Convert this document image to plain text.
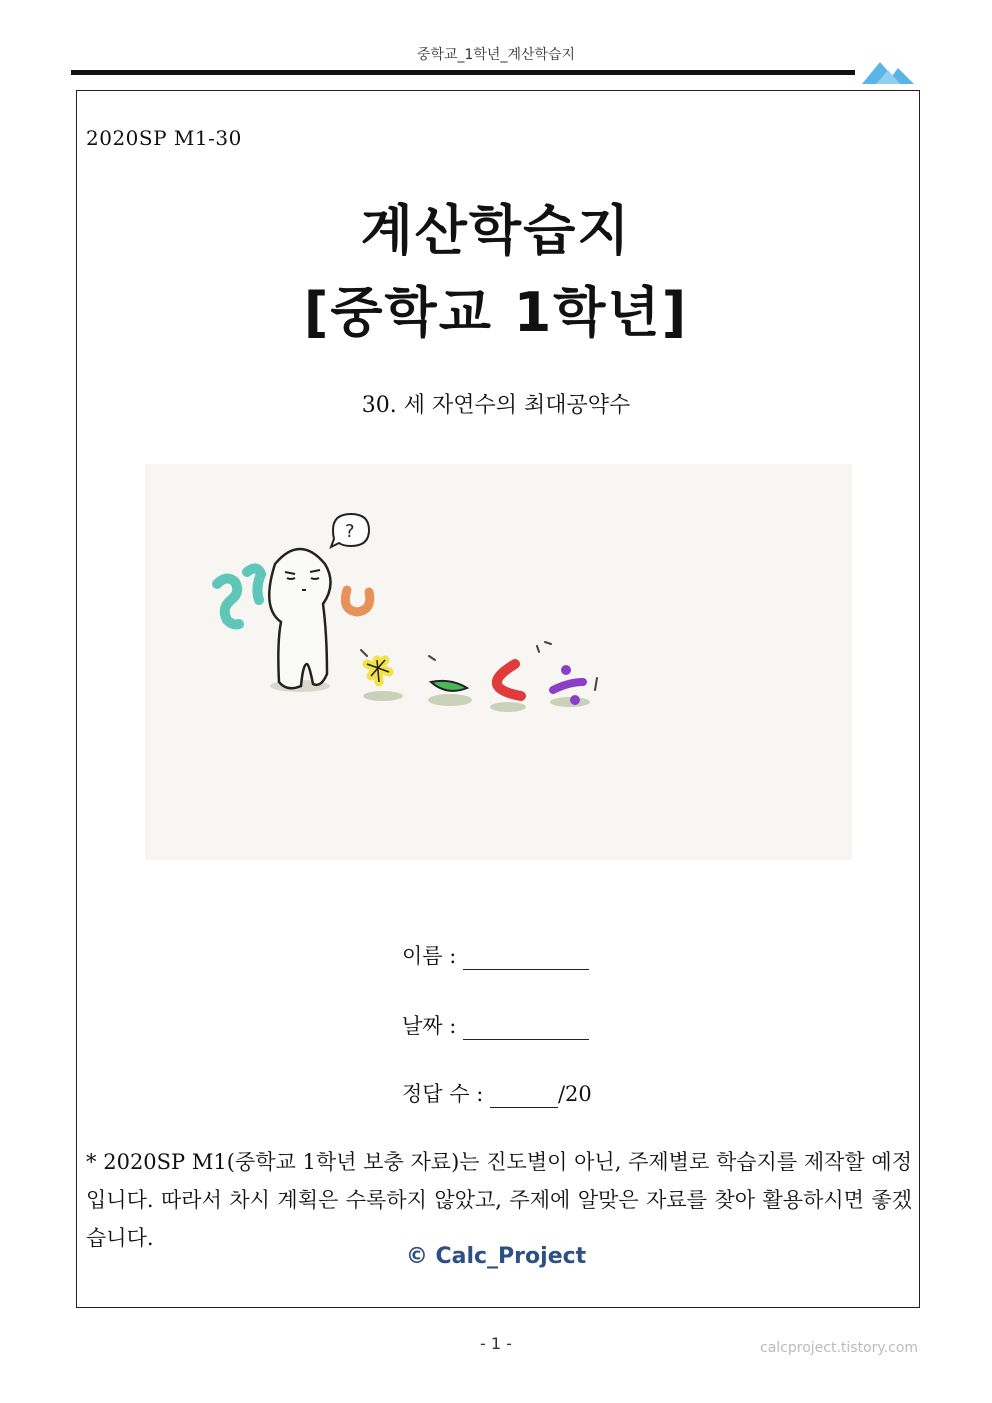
중학교_1학년_계산학습지
2020SP M1-30
계산학습지
[중학교 1학년]
30. 세 자연수의 최대공약수
?
이름 :
날짜 :
정답 수 :	/20
* 2020SP M1(중학교 1학년 보충 자료)는 진도별이 아닌, 주제별로 학습지를 제작할 예정입니다. 따라서 차시 계획은 수록하지 않았고, 주제에 알맞은 자료를 찾아 활용하시면 좋겠습니다.
© Calc_Project
- 1 -	calcproject.tistory.com
